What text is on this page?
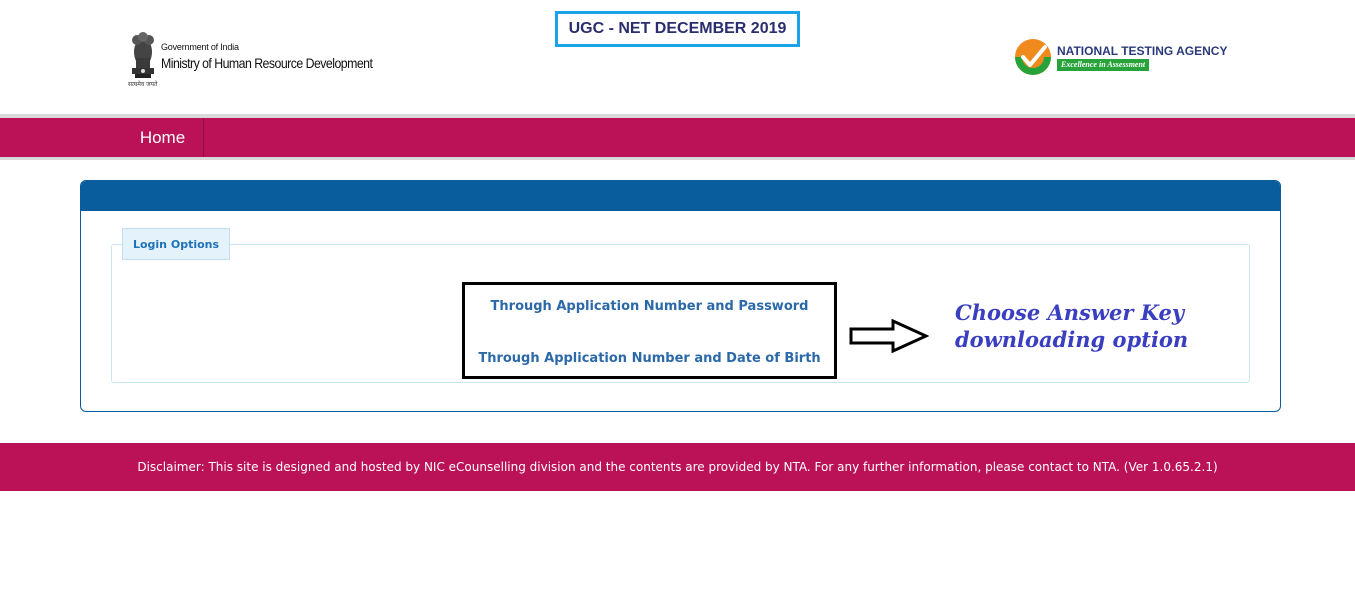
Government of India
Ministry of Human Resource Development
सत्यमेव जयते
UGC - NET DECEMBER 2019
NATIONAL TESTING AGENCY
Excellence in Assessment
Home
Login Options
Through Application Number and Password
Through Application Number and Date of Birth
Choose Answer Key
downloading option
Disclaimer: This site is designed and hosted by NIC eCounselling division and the contents are provided by NTA. For any further information, please contact to NTA. (Ver 1.0.65.2.1)
